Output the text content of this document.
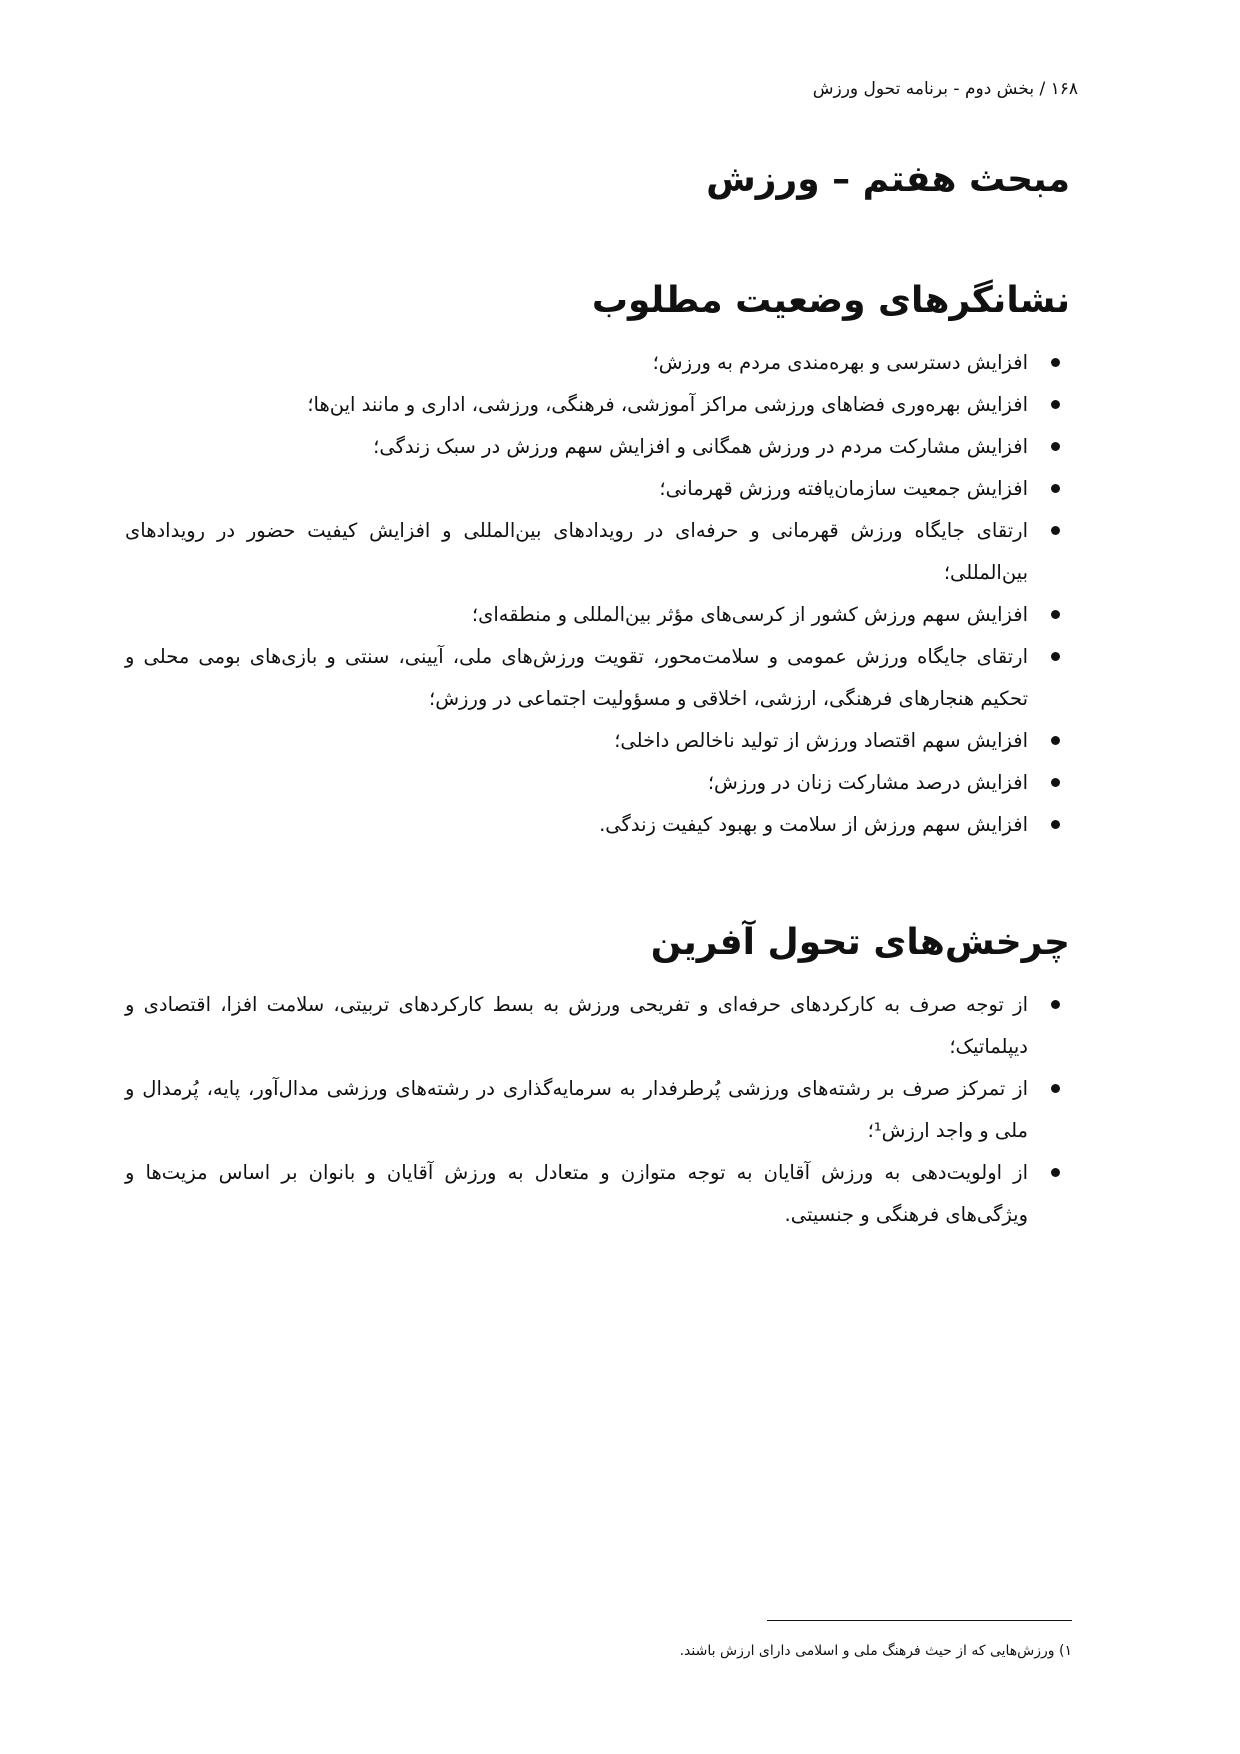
۱۶۸ / بخش دوم - برنامه تحول ورزش
مبحث هفتم – ورزش
نشانگرهای وضعیت مطلوب
افزایش دسترسی و بهره‌مندی مردم به ورزش؛
افزایش بهره‌وری فضاهای ورزشی مراکز آموزشی، فرهنگی، ورزشی، اداری و مانند این‌ها؛
افزایش مشارکت مردم در ورزش همگانی و افزایش سهم ورزش در سبک زندگی؛
افزایش جمعیت سازمان‌یافته ورزش قهرمانی؛
ارتقای جایگاه ورزش قهرمانی و حرفه‌ای در رویدادهای بین‌المللی و افزایش کیفیت حضور در رویدادهای بین‌المللی؛
افزایش سهم ورزش کشور از کرسی‌های مؤثر بین‌المللی و منطقه‌ای؛
ارتقای جایگاه ورزش عمومی و سلامت‌محور، تقویت ورزش‌های ملی، آیینی، سنتی و بازی‌های بومی محلی و تحکیم هنجارهای فرهنگی، ارزشی، اخلاقی و مسؤولیت اجتماعی در ورزش؛
افزایش سهم اقتصاد ورزش از تولید ناخالص داخلی؛
افزایش درصد مشارکت زنان در ورزش؛
افزایش سهم ورزش از سلامت و بهبود کیفیت زندگی.
چرخش‌های تحول آفرین
از توجه صرف به کارکردهای حرفه‌ای و تفریحی ورزش به بسط کارکردهای تربیتی، سلامت افزا، اقتصادی و دیپلماتیک؛
از تمرکز صرف بر رشته‌های ورزشی پُرطرفدار به سرمایه‌گذاری در رشته‌های ورزشی مدال‌آور، پایه، پُرمدال و ملی و واجد ارزش¹؛
از اولویت‌دهی به ورزش آقایان به توجه متوازن و متعادل به ورزش آقایان و بانوان بر اساس مزیت‌ها و ویژگی‌های فرهنگی و جنسیتی.
۱) ورزش‌هایی که از حیث فرهنگ ملی و اسلامی دارای ارزش باشند.
